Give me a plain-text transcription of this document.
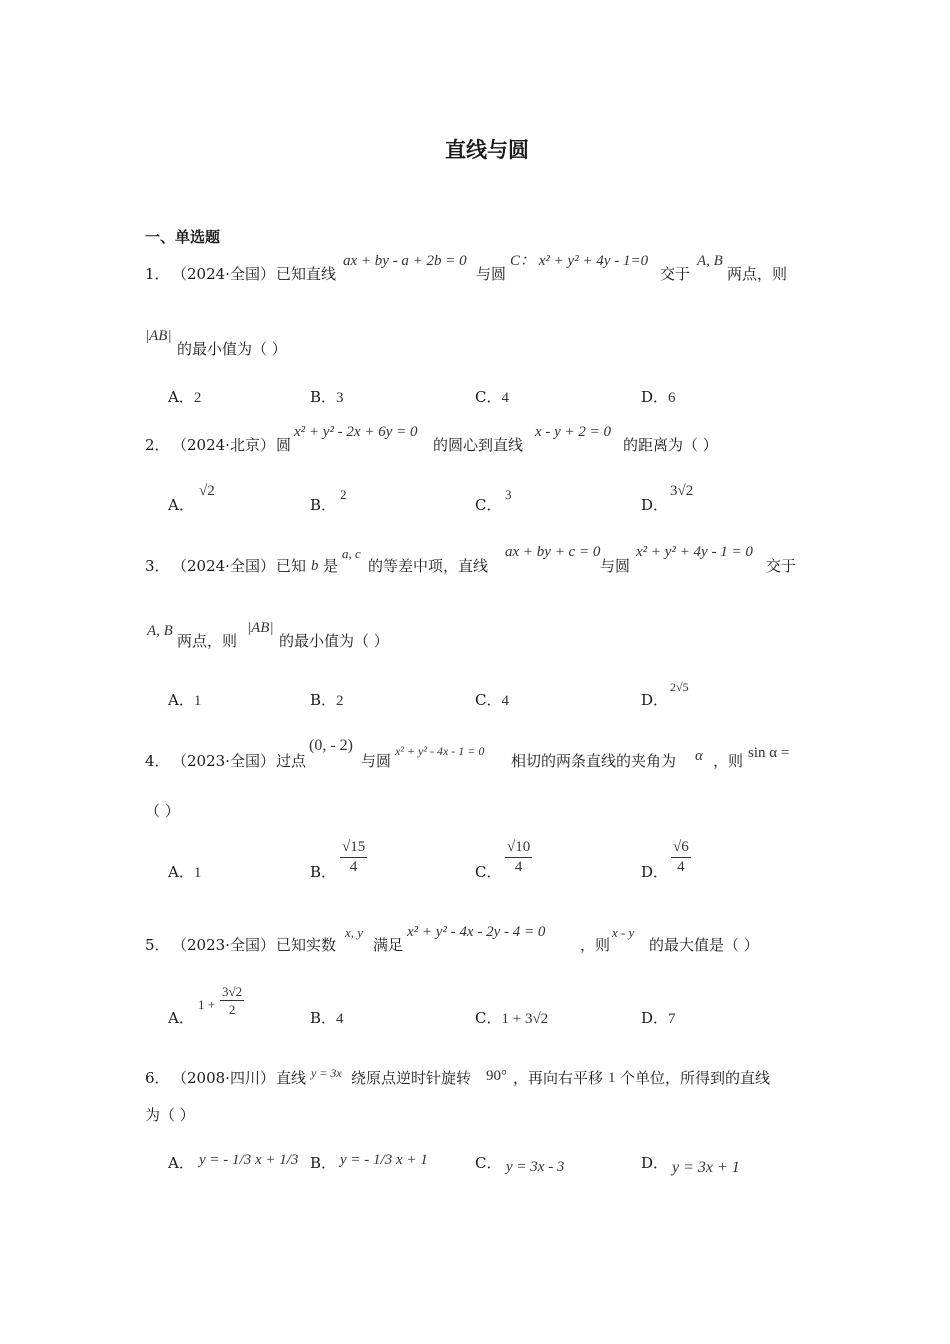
直线与圆
一、单选题
1． （2024·全国） 已知直线
ax + by - a + 2b = 0
与圆
C： x² + y² + 4y - 1=0
交于
A, B
两点，则
|AB|
的最小值为（ ）
A．2	B．3	C．4	D．6
2． （2024·北京） 圆
x² + y² - 2x + 6y = 0
的圆心到直线
x - y + 2 = 0
的距离为（ ）
A．
√2
B．
2
C．
3
D．
3√2
3． （2024·全国） 已知 b 是
a, c
的等差中项，直线
ax + by + c = 0
与圆
x² + y² + 4y - 1 = 0
交于
A, B
两点，则
|AB|
的最小值为（ ）
A．1	B．2	C．4	D．
2√5
4． （2023·全国） 过点
(0, - 2)
与圆
x² + y² - 4x - 1 = 0
相切的两条直线的夹角为 α ，则 sin α =
（ ）
A．1	B． $\frac{√15}{4}$	C． $\frac{√10}{4}$	D． $\frac{√6}{4}$
5． （2023·全国） 已知实数
x, y
满足
x² + y² - 4x - 2y - 4 = 0
，则
x - y
的最大值是（ ）
A．
$1 + \frac{3√2}{2}$
B．4	C．1 + 3√2	D．7
6． （2008·四川） 直线 y = 3x 绕原点逆时针旋转 90° ，再向右平移 1 个单位，所得到的直线
为（ ）
A． y = - 1/3 x + 1/3 B． y = - 1/3 x + 1	C． y = 3x - 3	D． y = 3x + 1
